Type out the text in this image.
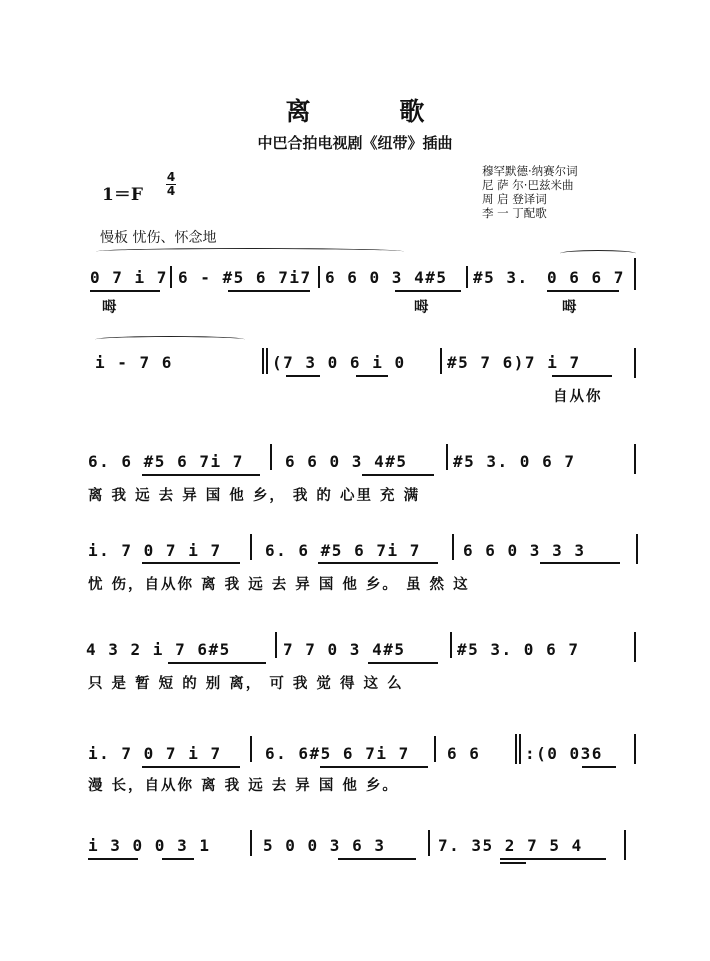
离 歌
中巴合拍电视剧《纽带》插曲
穆罕默德·纳赛尔词
尼 萨 尔·巴兹米曲
周 启 登译词
李 一 丁配歌
1＝F
4
4
慢板 忧伤、怀念地
0 7 i 7 6 - #5 6 7i7 6 6 0 3 4#5 #5 3. 0 6 6 7
呣	呣	呣
i - 7 6	(7 3 0 6 i 0	#5 7 6)7 i 7
自从你
6. 6 #5 6 7i 7	6 6 0 3 4#5	#5 3. 0 6 7
离 我 远 去 异 国 他 乡， 我 的 心里 充 满
i. 7 0 7 i 7	6. 6 #5 6 7i 7	6 6 0 3 3 3
忧 伤，自从你 离 我 远 去 异 国 他 乡。 虽 然 这
4 3 2 i 7 6#5	7 7 0 3 4#5	#5 3. 0 6 7
只 是 暂 短 的 别 离， 可 我 觉 得 这 么
i. 7 0 7 i 7	6. 6#5 6 7i 7 6 6	:(0 036
漫 长，自从你 离 我 远 去 异 国 他 乡。
i 3 0 0 3 1	5 0 0 3 6 3	7. 35 2 7 5 4
